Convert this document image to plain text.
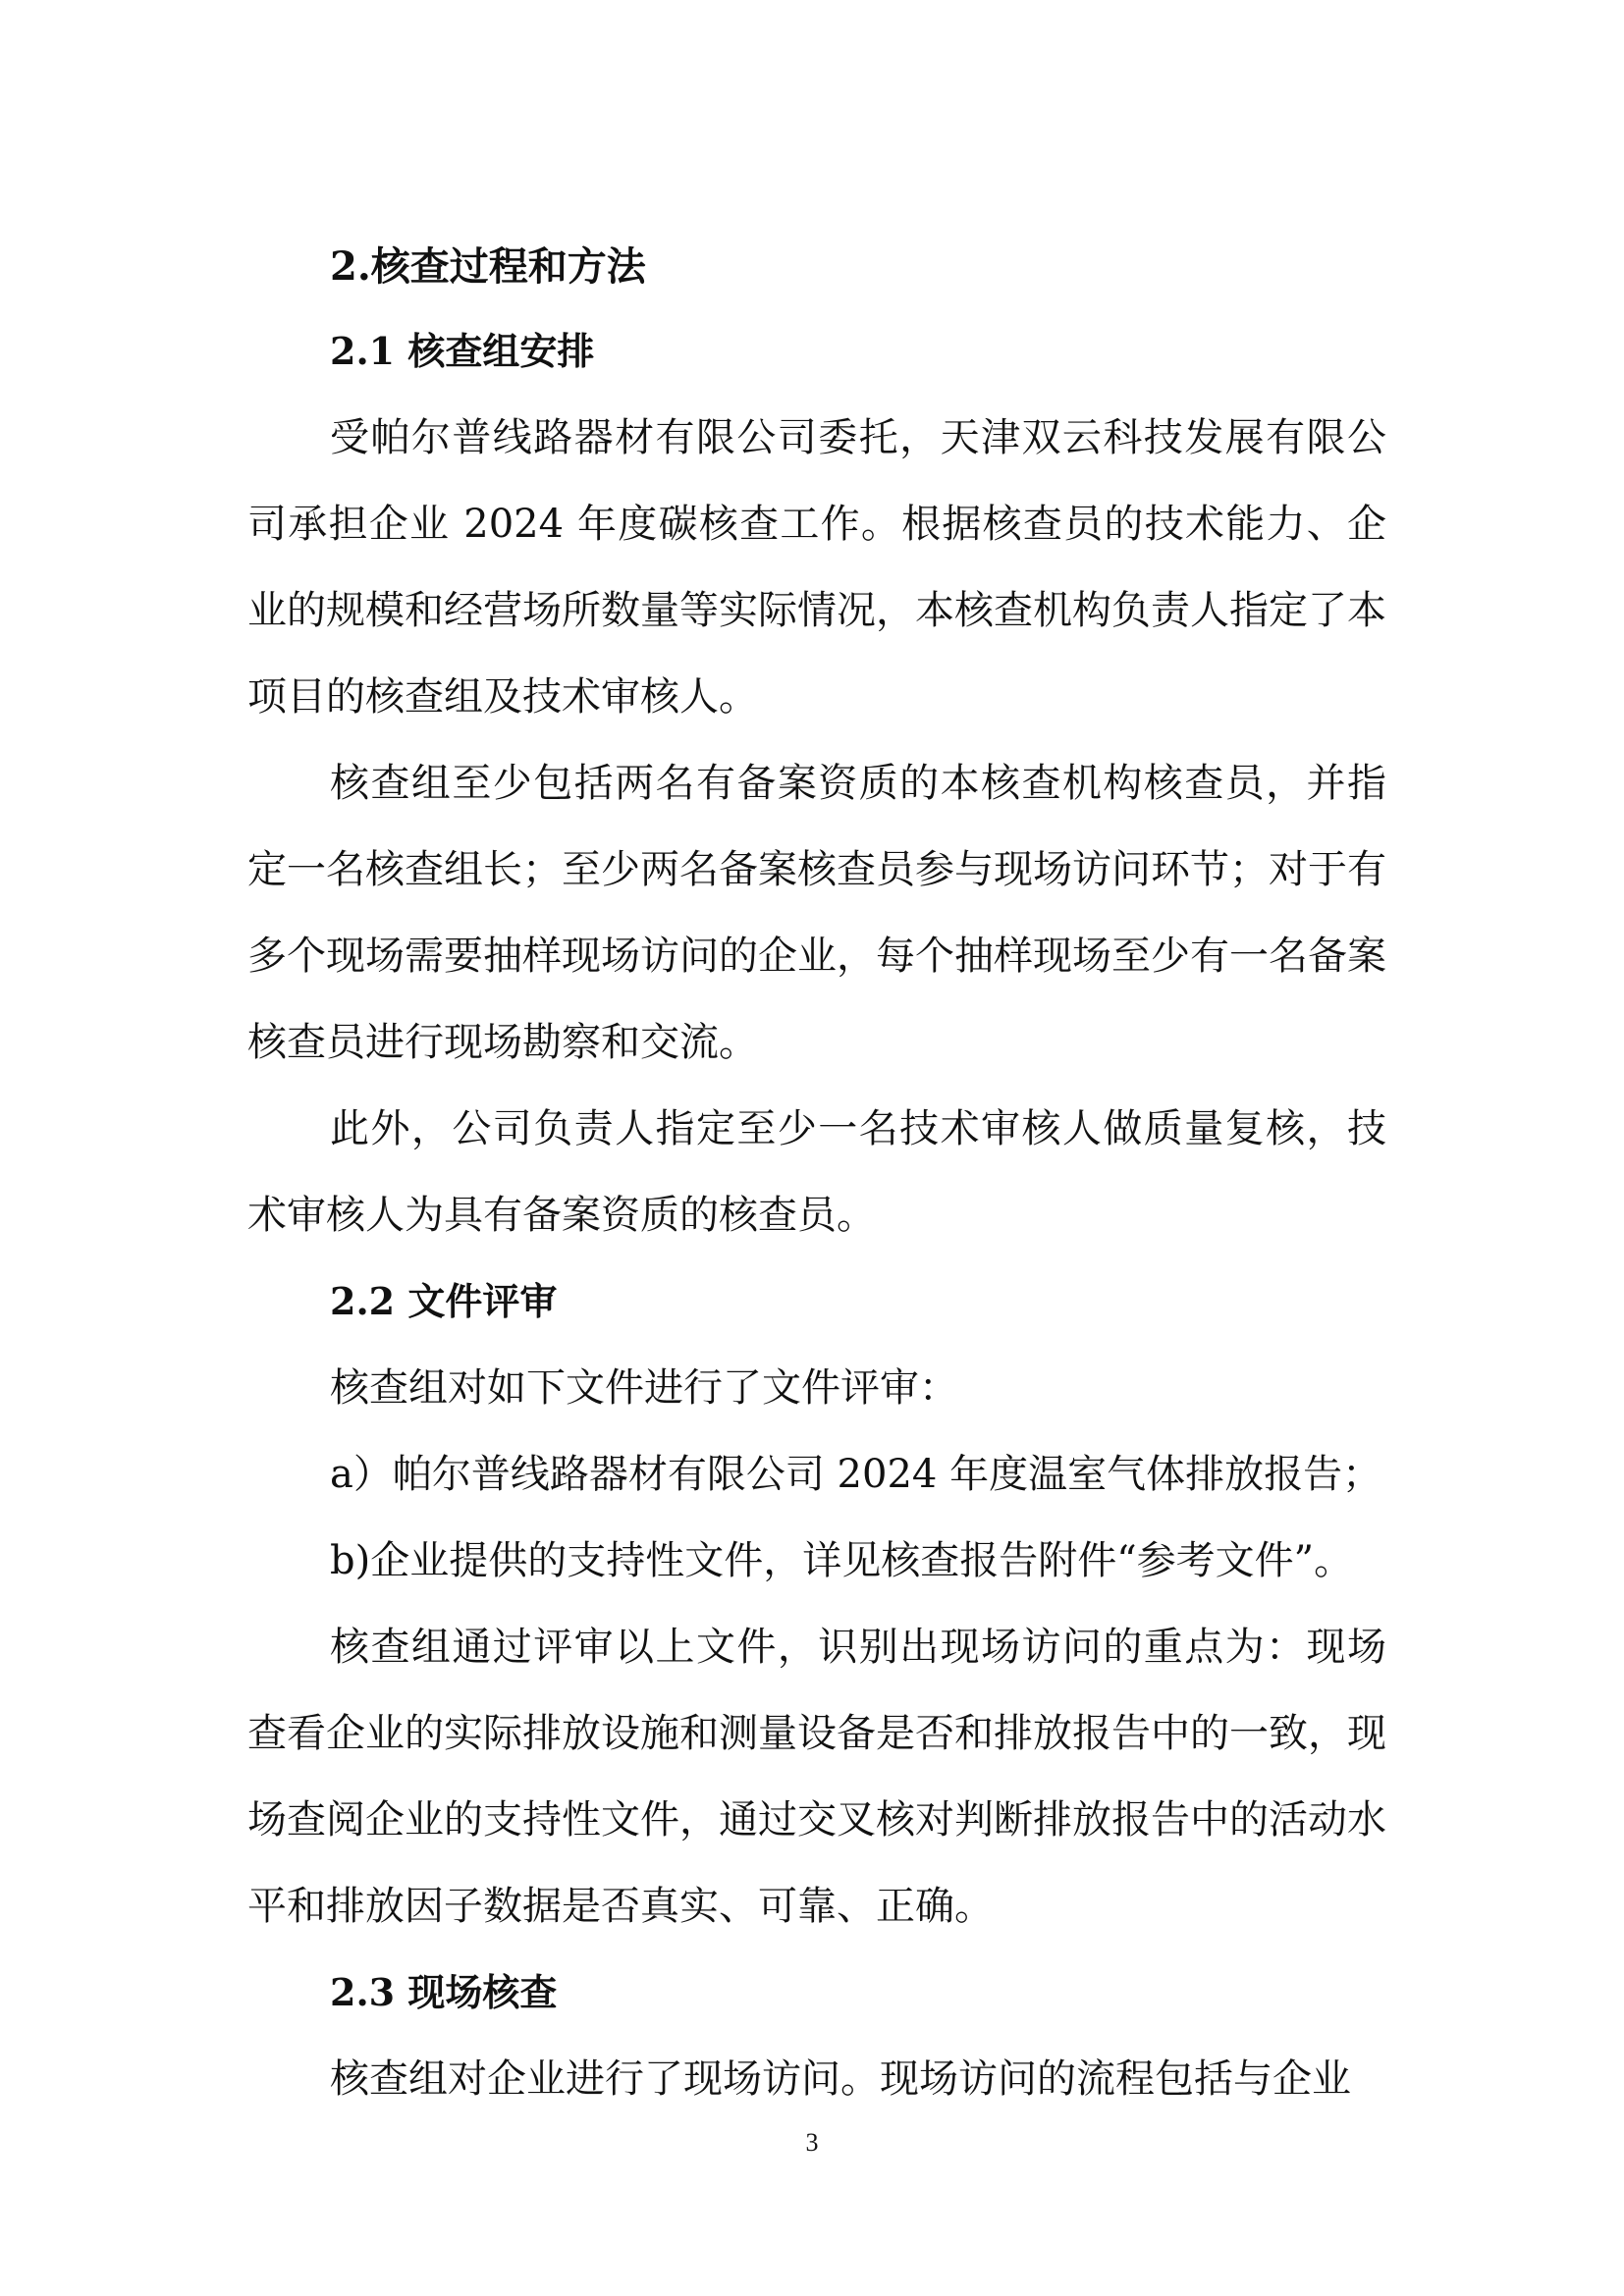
2.核查过程和方法
2.1 核查组安排

受帕尔普线路器材有限公司委托，天津双云科技发展有限公司承担企业 2024 年度碳核查工作。根据核查员的技术能力、企业的规模和经营场所数量等实际情况，本核查机构负责人指定了本项目的核查组及技术审核人。

核查组至少包括两名有备案资质的本核查机构核查员，并指定一名核查组长；至少两名备案核查员参与现场访问环节；对于有多个现场需要抽样现场访问的企业，每个抽样现场至少有一名备案核查员进行现场勘察和交流。

此外，公司负责人指定至少一名技术审核人做质量复核，技术审核人为具有备案资质的核查员。

2.2 文件评审

核查组对如下文件进行了文件评审：

a）帕尔普线路器材有限公司 2024 年度温室气体排放报告；

b)企业提供的支持性文件，详见核查报告附件“参考文件”。

核查组通过评审以上文件，识别出现场访问的重点为：现场查看企业的实际排放设施和测量设备是否和排放报告中的一致，现场查阅企业的支持性文件，通过交叉核对判断排放报告中的活动水平和排放因子数据是否真实、可靠、正确。

2.3 现场核查

核查组对企业进行了现场访问。现场访问的流程包括与企业

3
